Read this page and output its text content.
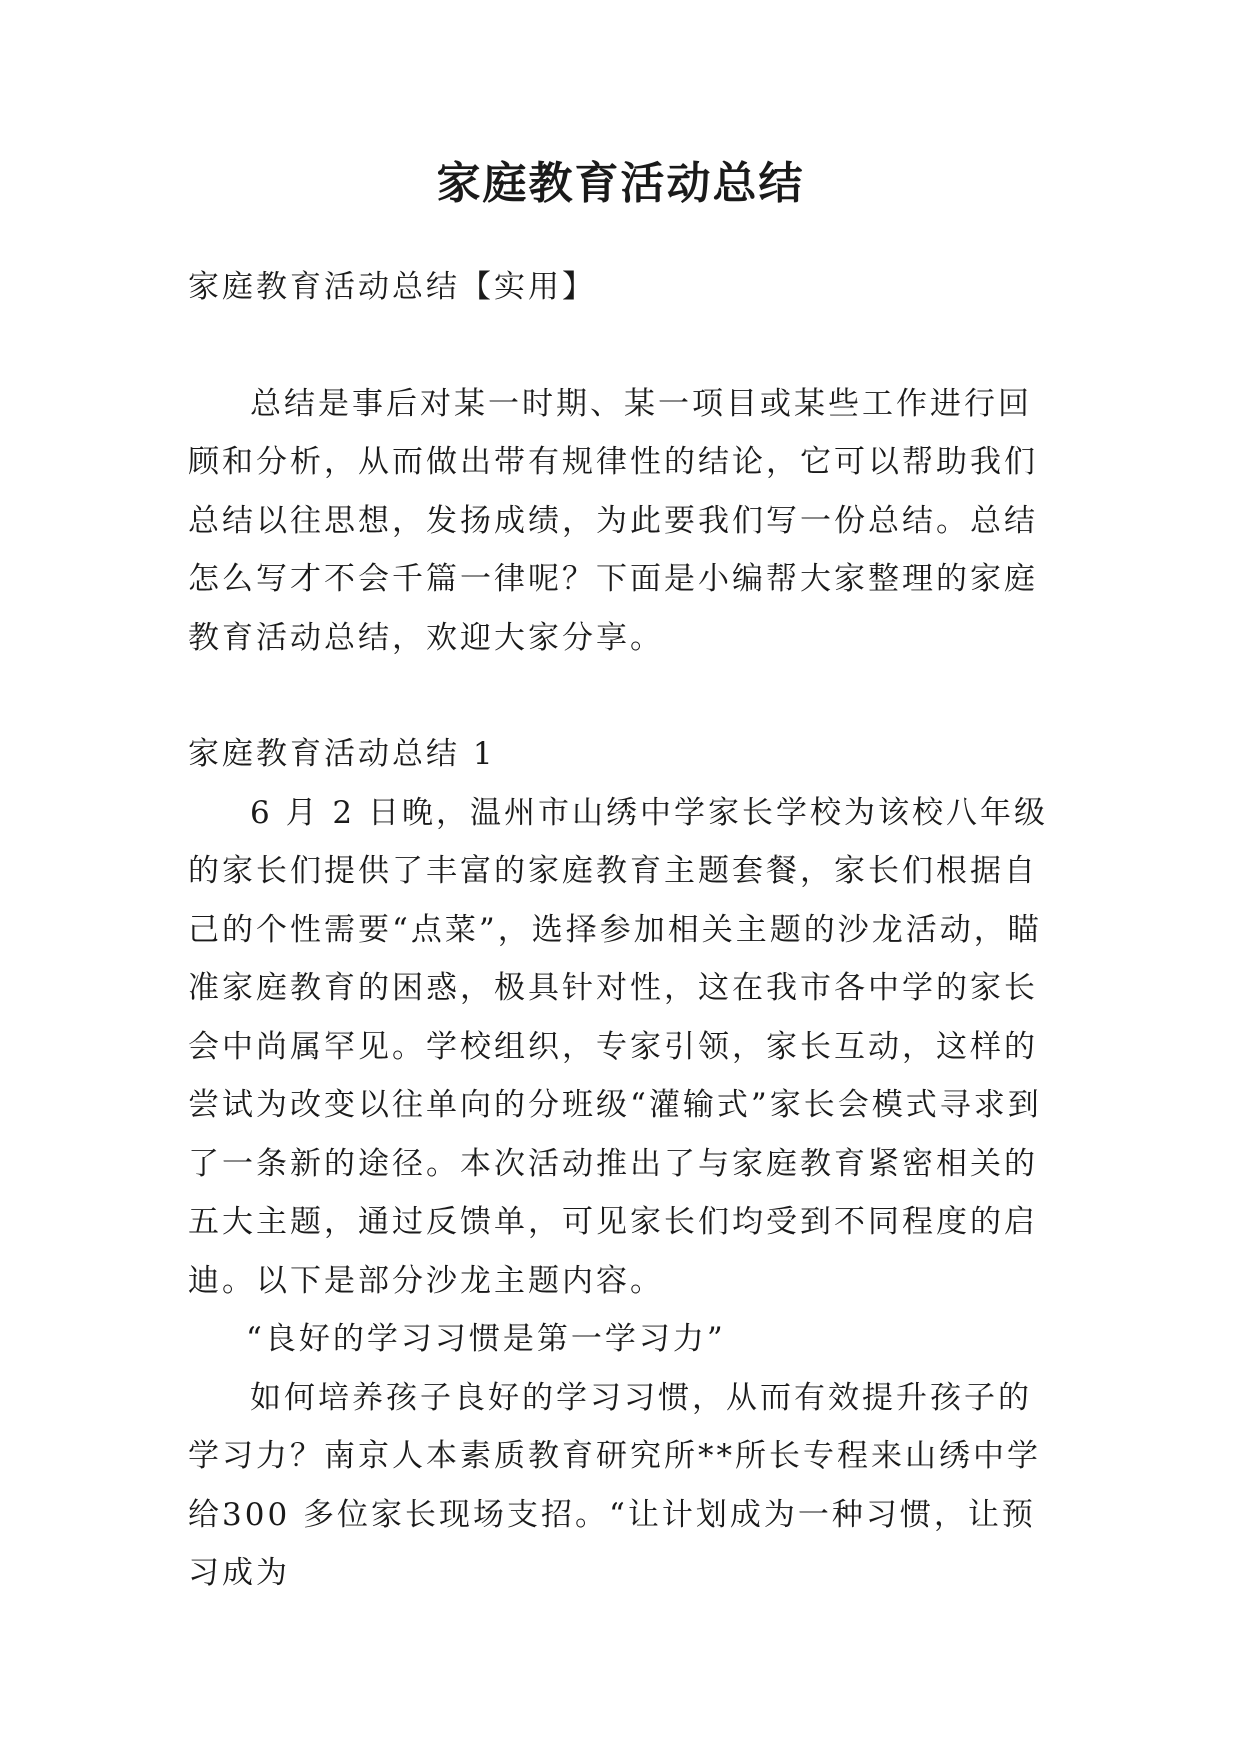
家庭教育活动总结

家庭教育活动总结【实用】

总结是事后对某一时期、某一项目或某些工作进行回顾和分析，从而做出带有规律性的结论，它可以帮助我们总结以往思想，发扬成绩，为此要我们写一份总结。总结怎么写才不会千篇一律呢？下面是小编帮大家整理的家庭教育活动总结，欢迎大家分享。

家庭教育活动总结 1

6 月 2 日晚，温州市山绣中学家长学校为该校八年级的家长们提供了丰富的家庭教育主题套餐，家长们根据自己的个性需要“点菜”，选择参加相关主题的沙龙活动，瞄准家庭教育的困惑，极具针对性，这在我市各中学的家长会中尚属罕见。学校组织，专家引领，家长互动，这样的尝试为改变以往单向的分班级“灌输式”家长会模式寻求到了一条新的途径。本次活动推出了与家庭教育紧密相关的五大主题，通过反馈单，可见家长们均受到不同程度的启迪。以下是部分沙龙主题内容。

“良好的学习习惯是第一学习力”

如何培养孩子良好的学习习惯，从而有效提升孩子的学习力？南京人本素质教育研究所**所长专程来山绣中学给300 多位家长现场支招。“让计划成为一种习惯，让预习成为
